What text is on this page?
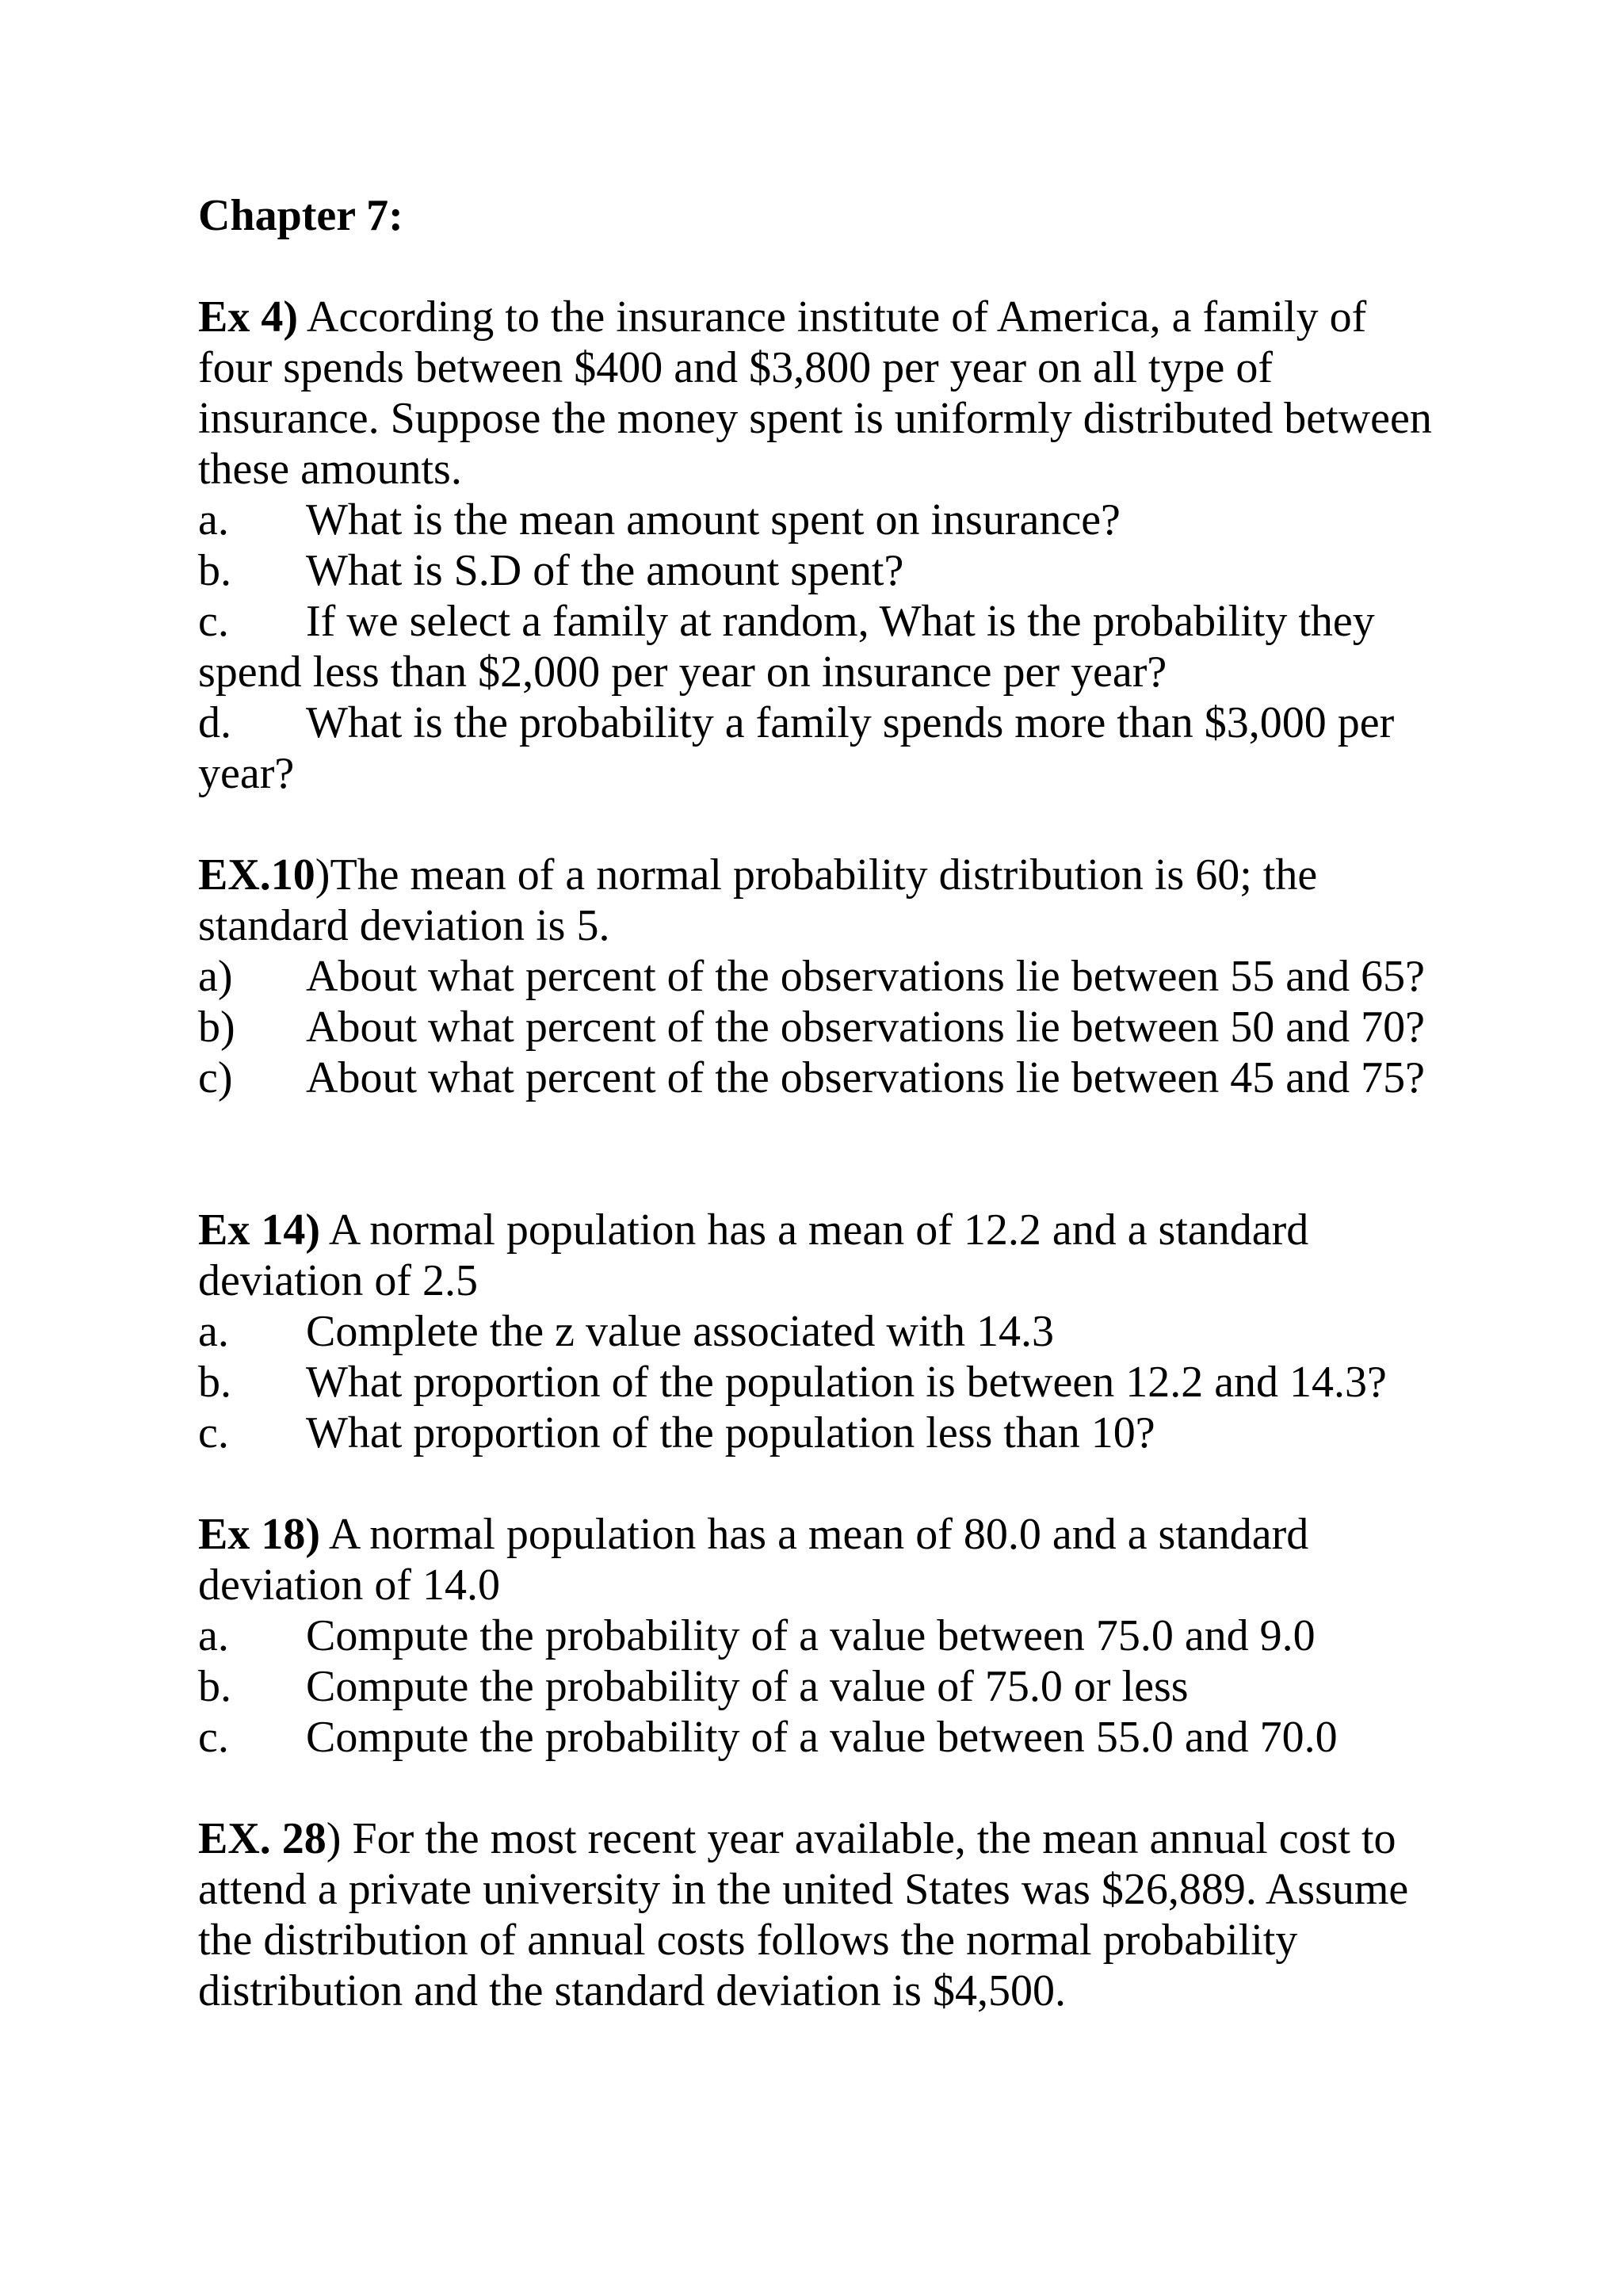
Chapter 7:
Ex 4) According to the insurance institute of America, a family of four spends between $400 and $3,800 per year on all type of insurance. Suppose the money spent is uniformly distributed between these amounts.
a. What is the mean amount spent on insurance?
b. What is S.D of the amount spent?
c. If we select a family at random, What is the probability they spend less than $2,000 per year on insurance per year?
d. What is the probability a family spends more than $3,000 per year?
EX.10)The mean of a normal probability distribution is 60; the standard deviation is 5.
a) About what percent of the observations lie between 55 and 65?
b) About what percent of the observations lie between 50 and 70?
c) About what percent of the observations lie between 45 and 75?
Ex 14) A normal population has a mean of 12.2 and a standard deviation of 2.5
a. Complete the z value associated with 14.3
b. What proportion of the population is between 12.2 and 14.3?
c. What proportion of the population less than 10?
Ex 18) A normal population has a mean of 80.0 and a standard deviation of 14.0
a. Compute the probability of a value between 75.0 and 9.0
b. Compute the probability of a value of 75.0 or less
c. Compute the probability of a value between 55.0 and 70.0
EX. 28) For the most recent year available, the mean annual cost to attend a private university in the united States was $26,889. Assume the distribution of annual costs follows the normal probability distribution and the standard deviation is $4,500.
